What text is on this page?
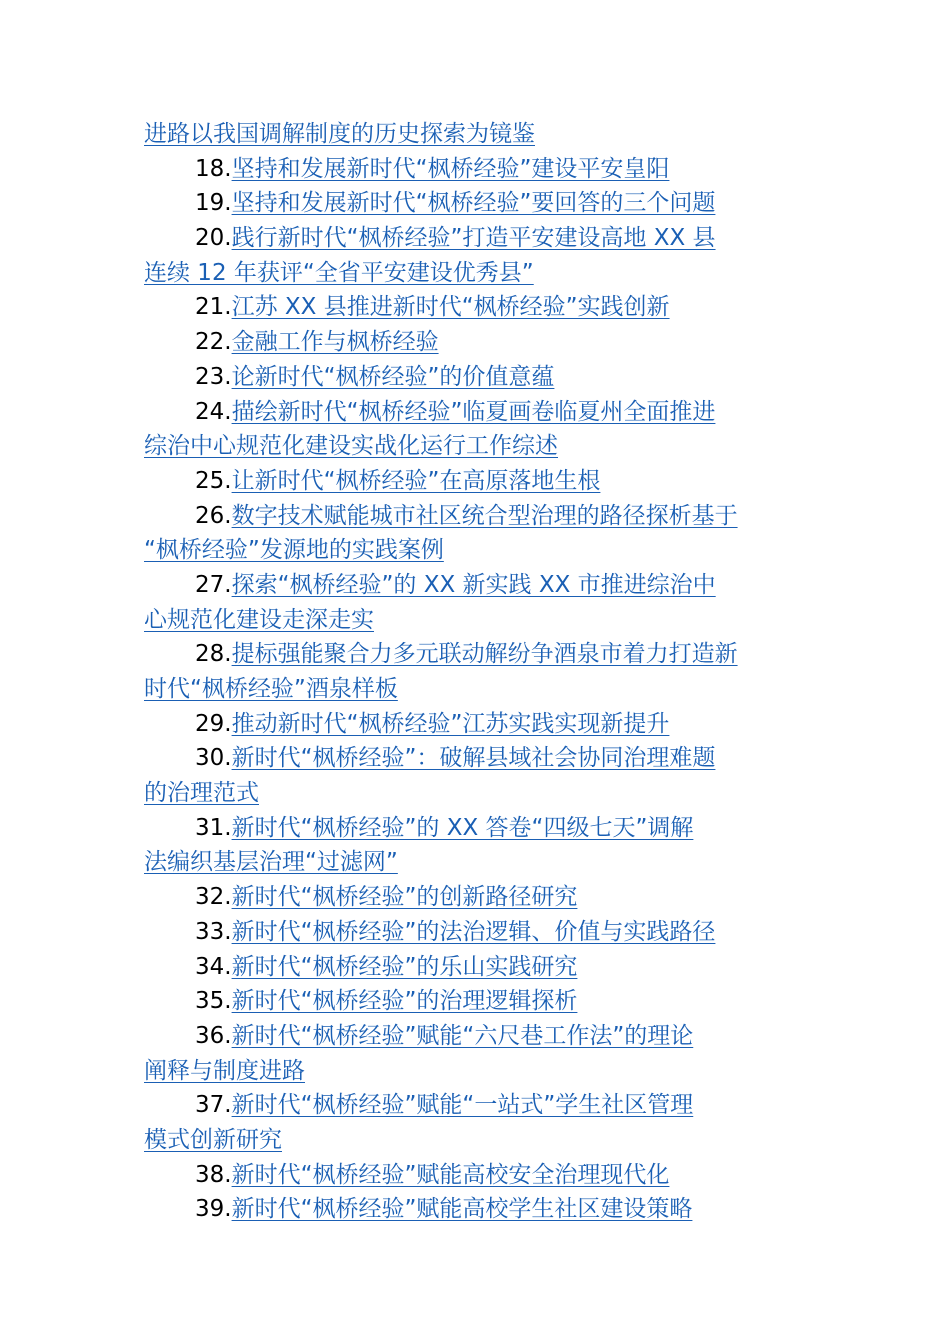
进路以我国调解制度的历史探索为镜鉴
18.坚持和发展新时代“枫桥经验”建设平安皇阳
19.坚持和发展新时代“枫桥经验”要回答的三个问题
20.践行新时代“枫桥经验”打造平安建设高地 XX 县
连续 12 年获评“全省平安建设优秀县”
21.江苏 XX 县推进新时代“枫桥经验”实践创新
22.金融工作与枫桥经验
23.论新时代“枫桥经验”的价值意蕴
24.描绘新时代“枫桥经验”临夏画卷临夏州全面推进
综治中心规范化建设实战化运行工作综述
25.让新时代“枫桥经验”在高原落地生根
26.数字技术赋能城市社区统合型治理的路径探析基于
“枫桥经验”发源地的实践案例
27.探索“枫桥经验”的 XX 新实践 XX 市推进综治中
心规范化建设走深走实
28.提标强能聚合力多元联动解纷争酒泉市着力打造新
时代“枫桥经验”酒泉样板
29.推动新时代“枫桥经验”江苏实践实现新提升
30.新时代“枫桥经验”：破解县域社会协同治理难题
的治理范式
31.新时代“枫桥经验”的 XX 答卷“四级七天”调解
法编织基层治理“过滤网”
32.新时代“枫桥经验”的创新路径研究
33.新时代“枫桥经验”的法治逻辑、价值与实践路径
34.新时代“枫桥经验”的乐山实践研究
35.新时代“枫桥经验”的治理逻辑探析
36.新时代“枫桥经验”赋能“六尺巷工作法”的理论
阐释与制度进路
37.新时代“枫桥经验”赋能“一站式”学生社区管理
模式创新研究
38.新时代“枫桥经验”赋能高校安全治理现代化
39.新时代“枫桥经验”赋能高校学生社区建设策略
